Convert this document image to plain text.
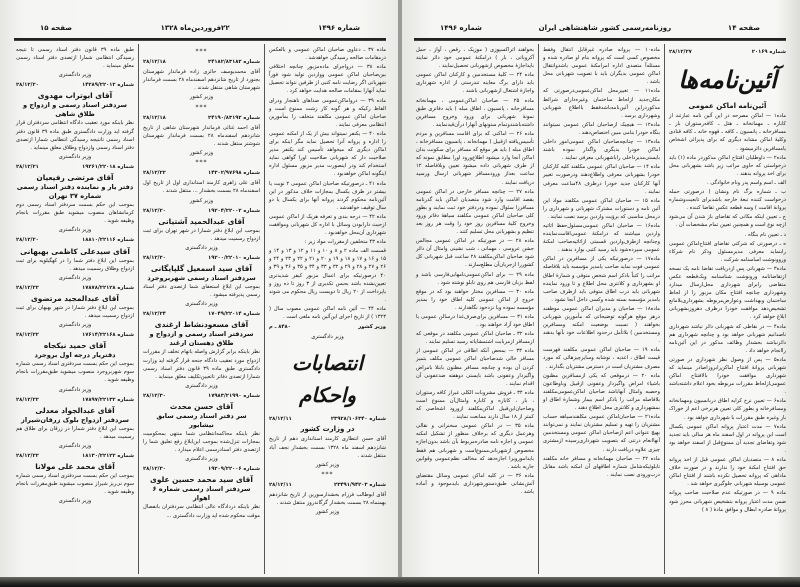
شماره ۱۴۹۶
۲۲فروردین‌ماه ۱۳۲۸
صفحه ۱۵

ماده ۳۷ ـ دعاوی صاحبان اماکن عمومی و بالعکس درمقامات صالحه رسیدگی خواهدشد .

ماده ۳۸ — درواجرای ماده‌مزبور چنانچه اختلافی بین‌صاحبان اماکن عمومی ووارد‌ین تولید شود فوراً شهربانی اگر رضایت نامه کتبی از طرفین نتواند تحصیل نماید آنهارا بمقامات صالحه هدایت خواهد کرد .

ماده ۳۹ — درواماکن‌عمومی صداهای ناهنجار ودرای الفاظ رکیکه و هر گونه‌ کار زشت ممنوع است و صاحبان اماکن عمومی مکلفند متخلف را بمأمورین انتظامی معرفی نمایند .

ماده ۴۰ — یکنفر نمیتواند بیش از یک از امکنه عمومی را اداره و پروانه آنرا تحصیل نماید مگر اینکه برای اماکن دیگری که میخواهد تأسیس کند یکنفر مدیر صلاحیت دار که شهربانی صلاحیت اورا گواهی نماید استخدام کند ودر اینصورت مدیر مزبور مسئول اداره اینگونه اماکن خواهدبود .

ماده ۴۱ ـ درصورتیکه صاحبان اماکن عمومی ۲ نوبت یا بیشتر در ظرف یکسال بمجازات خلاف مذکور در این آئین‌نامه محکوم گردند پروانه آنها برای یکسال یا دو سال توقیف خواهدشد .

ماده ۴۲ — درجه بندی و تعرفه هریک از اماکن عمومی ازحیث دارابودن وسائل با اداره کل شهربانی وموافقت شهرداری آن‌محل خواهدبود .

ماده ۴۳ متخلفین ازمقررات مواد زیر :

قسمت الف ماده ۲ و ۸ و ۱۰ و ۱۱ و ۱۲ و ۱۳ و ۱۴ و ۱۵ و ۱۶ و ۱۷ و ۱۸ و ۱۹ و ۲۰ و ۲۱ و ۲۲ و ۲۳ و ۲۴ و ۲۶ و ۲۷ و ۲۸ و ۲۹ و ۳۲ و ۳۳ و ۳۴ و ۳۵ و ۳۶ و ۳۹ و ۴۰ درصورتیکه برای اعمال مزبور کیفر شدیدتری تعیین‌نشده باشد بحبس تکدیری از ۳ روز تا ده روز و یاپرداخت از ۲۰ ریال تا دویست ریال محکوم می شوند .

ماده ۴۴ — آئین نامه اماکن عمومی مصوب سال ( ۱۳۲۳ ) از تاریخ اجرای این‌آئین نامه ملغی است .

وزیر کشور
۸۴۸۰ ـ م
وزیر دادگستری
انتصابات واحکام
شماره ۲۳۹۲۸/۱۰۶۳۴۰
۲۸/۱۲/۱۱
در وزارت کشور

آقای حسن انتظاری کارمند استانداری دهم از تاریخ شانزدهم اسفند ماه ۱۳۲۸ بسمت بخشدار نجف آباد منتقل شدند .

وزیر کشور
***
شماره ۲۳۴۹۱/۹۴۲۰۳
۲۸/۱۲/۱۱

آقای ابوطالب فرزام بخشدارسورین از تاریخ شانزدهم بهمنماه ۲۸ بسمت بخشدار گرگاندروز منتقل شدند .

وزیر کشور
***
شماره ۲۴۱۸۲/۸۳۱۸۲
۲۸/۱۲/۱۸

آقای محمدیوسف حائری زاده فرماندار شهرستان بجنورد از تاریخ شانزدهم اسفندماه ۲۸ بسمت فرماندار شهرستان شاهی منتقل شدند .

وزیر کشور
***
شماره ۲۴۱۹۰/۸۳۱۹۲
۲۸/۱۲/۱۸

آقای احمد غنائی فرماندار شهرستان شاهی از تاریخ شانزدهم اسفندماه ۲۸ بسمت فرماندار شهرستان شوشتر منتقل شدند .

وزیر کشور
***
شماره ۱۴۳۰۲/۹۷۶۹۸
۲۸/۱۲/۲۲

آقای علی زاهری کارمند استانداری اول از تاریخ اول اسفندماه ۲۸ بسمت بخشدار ... منتقل شدند .

وزیر کشور
شماره ۱۹۲۰۴/۲۲۰۰۲
۲۸/۱۲/۲۰
آقای عبدالحمید آشتیانی

بموجب این ابلاغ دفتر شمارا در شهر تهران برای ثبت ازدواج رسمیت میدهد .

وزیر دادگستری
شماره ۱۹۲۰۰/۲۲۰۱۰
۲۸/۱۲/۲۰
آقای سید اسمعیل گلپایگانی
سردفتر اسناد رسمی شهربروجرد

بموجب این ابلاغ استعفای شما ازتصدی دفتر اسناد رسمی پذیرفته میشود .

وزیر دادگستری
شماره ۱۷۰۴۹/۲۲۰۱۴
۲۸/۱۲/۲۴
آقای مسعودنشاط ارغندی
سردفتر اسناد رسمی و ازدواج و طلاق دهستان ارغند

نظر باینکه برابر گزارش واصله باتهام تخلف از مقررات ازدواج مورد تعقیب دادگاه جنحه قرار گرفته اید وزارت دادگستری طبق ماده ۳۹ قانون دفتر اسناد رسمی شمارا ازتصدی دفاتر تاتعیین‌تکلیف معلق مینماید .

وزیر دادگستری
شماره ۱۷۹۸۳/۲۱۹۹۰
۲۸/۱۲/۳۰
آقای حسن محدث
سر دفتر اسناد رسمی سابق نیشابور

نظر باینکه محاکمه‌انتظامی شما منتهی بمحکومیت بمجازات تنزل‌شده بموجب این‌ابلاغ رفع تعلیق شما را ازتصدی دفتر اسنادرسمی اعلام میدارد .

وزیر دادگستری
شماره ۱۹۲۰۹/۲۲۰۰۶
۲۸/۱۲/۳۰
آقای سید محمد حسین علوی
سردفتر اسناد رسمی شماره ۶ اهواز

نظر باینکه دردادگاه عالی انتظامی سردفتران بانفصال موقت محکوم شده اید وزارت دادگستری ...

طبق ماده ۳۹ قانون دفتر اسناد رسمی تا نتیجه رسیدگی انتظامی شمارا ازتصدی دفتر اسناد رسمی معلق مینماید .

وزیر دادگستری
شماره ۱۴۲۸۹/۲۲۰۱۲
۲۸/۱۲/۲۰
آقای ابوتراب مهدوی
سردفتر اسناد رسمی و ازدواج و طلاق شاهی

نظر باینکه مورد تعقیب دادگاه انتظامی سردفتران قرار گرفته اید وزارت دادگستری طبق ماده ۳۹ قانون دفتر اسناد رسمی تانتیجه رسیدگی انتظامی شمارا ازتصدی دفتر اسناد رسمی وازدواج وطلاق معلق مینماید .

وزیر دادگستری
شماره ۱۹۲۶۱/۲۲۰۱۸
۲۸/۱۲/۲۱
آقای مرتضی رفیعیان
دفتر یار و نماینده دفتر اسناد رسمی شماره ۳۷ تهران

بموجب این حکم بسمت سردفتر اسناد رسمی دوم کرمانشاهان منصوب میشوید طبق مقررات بانجام وظیفه شوید .

وزیر دادگستری
شماره ۱۸۸۱۰/۲۲۱۱۶
۲۸/۱۲/۲۰
آقای سیدعلی کاظمی بهبهانی

بموجب این ابلاغ دفتر شما را در کهگیلویه برای ثبت ازدواج وطلاق رسمیت میدهد .

وزیر دادگستری
شماره ۱۷۸۷۸/۲۲۱۲۸
۲۸/۱۲/۲۲
آقای عبدالمجید مرتضوی

بموجب این ابلاغ دفتر شمارا در شهر بهبهان برای ثبت ازدواج رسمیت میدهد .

وزیر دادگستری
شماره ۱۷۶۱۴/۲۲۱۶۸
۲۸/۱۲/۲۲
آقای حمید نیکجاه
دفتریار درجه اول بروجرد

بموجب این حکم بسمت سردفتری اسناد رسمی شماره سوم شهربروجرد منصوب میشوید طبق‌مقررات بانجام وظیفه شوید .

وزیر دادگستری
شماره ۱۷۸۹۷/۲۲۱۳۲
۲۸/۱۲/۲۲
آقای عبدالجواد معدلی
سردفتر ازدواج بلوک زرقان‌شیراز

بموجب این ابلاغ دفتر شمارا در زرقان برای طلاق هم رسمیت میدهد .

وزیر دادگستری
شماره ۱۸۱۳۰/۲۲۱۲۲
۲۸/۱۲/۲۲
آقای محمد علی مولانا

بموجب این حکم بسمت سردفتری اسناد رسمی شماره سوم نی‌ریز شیراز منصوب میشوید طبق‌مقررات بانجام وظیفه شوید .

وزیر دادگستری
صفحه ۱۴
روزنامه‌رسمی کشور شاهنشاهی ایران
شماره ۱۴۹۶
شماره ۲۰۱۶۹
۲۸/۱۲/۲۷
آئین‌نامه‌ها
آئین‌نامه اماکن عمومی

ماده۱ — اماکن مصرحه در این آئین نامه عبارتند از کاباره ـ مهمانخانه ـ هتل ـ کافه‌رستوران بار ـ مسافرخانه ـ پانسیون ـ کافه ـ قهوه خانه ـ کافه قنادی وکلیهٔ اماکن مشابه دیگری که برای پذیرائی اشخاص یامسافرین دائرمیشود .

ماده۲ — داوطلبان افتتاح اماکن مذکوردر ماده (۱) باید درخواستی که حاوی مراتب زیر باشد بشهربانی محل برای اخذ پروانه بدهند .

الف ـ اسم واسم پدر ونام خانوادگی .

ب ـ شماره برگ نام ونشان ( درصورتی‌ حمله درخواست کننده تبعهٔ خارجه باشدبرای تابعیت‌وشماره پروانهٔ اقامت ) وسه قطعه عکس تقاضا کننده .

ج ـ تعیین اینکه مکانی که تقاضای باز شدن آن می‌شود ازچه نوع است و همچنین تعیین تمام مشخصات آن .

د ـ تعیین نام بنگاه .

ه ـ درصورتی که شرکتی تقاضای افتتاح‌اماکن عمومی رابنماید معرفی مدیرمسئول وذکر نام شرکاء وروونوشت اساسنامه شرکت .

ماده۳ — شهربانی پس ازدریافت تقاضا نامه یک نسخه ازتقاضانامه ورونوشت شناسنامه وبک‌قطعه عکس متقاضی رابرای شهرداری محل‌ارسال میدارد وشهرداری چنانچه افتتاح مکان مزبور را از لحاظ ساختمان وبهداشت وعوارض‌مربوطه بشهرداری‌بلامانع تشخیص‌دهد موافقت خودرا درظرف دهروزبشهربانی ابلاغ خواهد کرد .

ماده۴ — در نقاطی که شهربانی دائر نباشد شهرداری ناصدانیم شهربانی خواهد بود و چنانچه شهرداری هم دائرنباشد بخشدار وظائف مذکور در این آئین‌نامه راانجام خواهد داد .

ماده۵ — پس از وصول نظر شهرداری در صورتی شهربانی پروانهٔ افتتاح اماکن‌رابروزاصادر مینماید که شهرداری موافقت خودرا بالافتتاح اماکن عمومی‌ازلحاظ مقررات مربوطه بخود اعلام داشته‌باشد .

ماده۶ — تعیین نرخ کرایه اطاق دربانسیون ومهمانخانه ومسافرخانه و بطور کلی تعیین هرنرخی اعم از خوراک بار وغیره طبق مقررات با شهرداری خواهد بود .

ماده۷ — مدت اعتبار پروانه اماکن عمومی یکسال است این پروانه در اول اسفند ماه هر سالی باید تجدید شود وتقاضای تجدید آن ممنوع‌قبل از اسفند خواهد بود .

ماده ۸ — متصدیان اماکن عمومی قبل از اخذ پروانه حق افتتاح امکنهٔ خود را ندارند و در صورت خلاف ماداهی که پروانه تحصیل نکرده باشند از افتتاح اماکن عمومی بوسیله شهربانی جلوگیری خواهد شد .

ماده ۹ — در صورتیکه عدم صلاحیت صاحب پروانه ضمن مدت اعتبار پروانه بتشخیص شهربانی محرز شود پروانهٔ صادره ابطال و موافق مادهٔ ( ۸ )

ماده۱۰ — پروانه صادره غیرقابل انتقال وفقط مخصوص کسی است که پروانه بنام او صادره شده و مسئله‌آ متصدی اداره امرامکنهٔ عمومی باشدوانتقال اماکن عمومی بدیگران باید با تصویب شهربانی محل باشد .

ماده۱۱ — تغییرمحل اماکن‌عمومی‌درصورتی که مکان‌جدید ازلحاظ ساختمان وغیره‌دارای شرائط مذکوردراین آئین‌نامه‌باشدفقط بااطلاع شهربانی وشهرداری برسد .

ماده۱۲ — هیچیک ازصاحبان اماکن عمومی نمیتوانند بنگاه خودرا بنامی مبین اختصاص‌دهند .

ماده۱۳ — چنانچه‌صاحبان اماکن عمومی‌امور داخلی اماکن خودرا بدیگری واگذار نموده باشند بایستی‌مدیرداخلی راباشهربانی معرفی نمایند .

ماده ۱۴ — صاحبان اماکن عمومی مکلفند کلیه کارکنان خودرا بشهربانی معرفی واطلاع‌دهند ودرصورت تغییر آنها کارکنان جدید خودرا درظرف ۴۸ساعت معرفی نمایند .

ماده ۱۵ — صاحبان اماکن عمومی مکلفند مواد این آئین نامه و دستورات مشترک شهربانی و شهرداری را درمحل مناسبی که برؤیت واردین برسد نصب نمایند .

ماده۱۶ — صاحبان اماکن عمومی‌مسئول‌حفظ اثاثیه واردین میباشند که درامکنهٔ عمومی‌اقامت‌نماینده وچنانچه ازطرف‌واردین قسمتی ازاثاثیه‌صاحب امکنهٔ عمومی سپرده‌شود باید رسید کتبی بوارد بدهند .

ماده۱۷ — درصورتیکه یکی از مسافرین در اماکن عمومی فوت نماید صاحب یامدیر مؤسسه باید بلافاصله مراتب را کتباً باذکر اسم شخص متوفی و شمارهٔ اطاق او بشهرداری و کلانتری محل اطلاع و تا ورود نماینده شهربانی باید درب اطاق متوفی باید ازطرف صاحب یامدیر مؤسسه بسته شده وکسی داخل آنجا نشود .

ماده۱۸ — صاحبان و مدیران اماکن عمومی موظفند درهر موقع هرگونه توضیحاتی که مأمورین شهربانی بخواهند ( نسبت بوضعیت امکنه ومسافرین ومستخدمین ) بلاتأمل درحدود اطلاعات خود بآنها بدهند .

ماده ۱۹ — صاحبان اماکن عمومی مکلفند فهرست قیمت اطاق ، اغذیه ، نوشابه وسایرچیزهائی که مورد مصرف مشتریان است در دسترس مشتریان بگذارند .

ماده ۲۰ — درموقعی که یکی ازمسافرین مظنون باشیاء امراض واگیردار وعفونی ازقبیل وباوطاعون وحصبه وامثال آنهاباشد صاحبان اماکن‌عمومی‌مکلفند بلافاصله مراتب را باذکر اسم بیمار وشمارهٔ اطاق او بمشهرداری و کلانتری محل اطلاع دهند .

ماده۲۱ — صاحبان‌اماکن عمومی مکلفندسیاهه حساب مشتریان را تهیه و تسلیم مشتریان نمایند و نمی‌توانند بهیچ عنوانی اعم ازصاحبان اماکن عمومی ومستخدمین آنهاانعام‌ درتنی که بتصویب شهرداری‌رسیده ازمشتری چیزی علاوه دریافت دارند .

ماده ۲۲ — صاحبان مهمانخانه و مسافر خانه مکلفند تابلوئیکه‌شامل شماره اطاقهای آن امکنه باشد مقابل درب‌ورودی نصب نمایند .

بخواهند اثراکسپوزی ( موزیک ، رقص ، آواز ، حمل آکروباتی ، بار ) درامکنهٔ عمومی خود دائر نمایند بایداجازهٔ مخصوص ازشهربانی تحصیل‌نمایند .

ماده ۲۴ — کلیهٔ مستخدمین و کارکنان اماکن عمومی باید دارای برگ معاینه تندرستی از اداره شهرداری واجازهٔ اشتغال ازشهربانی باشند .

ماده ۲۵ — صاحبان اماکن‌عمومی ، مهمانخانه مسافرخانه ، پانسیون ، اطاق مبله ) باید دفاتری طبق نمونهٔ شهربانی برای ورود وخروج مسافرین داشته‌باشندوتمام ستونهای آنهارا درآن‌قیدنمایند .

ماده ۲۶ — اماکنی که برای اقامت مسافرین و مردم تأسیس‌یافته ازقبیل ( مهمانخانه ، پانسیون مسافرخانه ، اطاق مبله ) باید هر موقع که مسافر برای سکونت بدان اماکن آنجا وارد میشود اطلاع‌ورود اورا مطابق نمونه که از طرف شهربانی داده میشود تعیین وبلافاصله ۱۲ ساعت بعداز ورودمسافر شهربانی ارسال ورسید دریافت نمایند .

ماده ۲۷ — چنانچه مسافر خارجی در اماکن عمومی بقصد اقامت وارد شود متصدیان اماکن باید گذرنامه مسافرزا سئوال نموده ودردفتر خود ثبت نمایند و بطور کلی صاحبان اماکن عمومی مکلفند سیاههٔ دفاتر ورود وخروج کلیهٔ مسافرین روز خود را وقت هر روز بعد تنظیم و بشهربانی محل تسلیم کنند .

ماده ۲۸ — در صورتیکه در اماکن عمومی مجالس جشن عروسی ، مهمانی ، شب نشینی وامثال آن دائر شود صاحبان اماکن‌مکلفند ۲۸ ساعت قبل شهربانی کل کشوررا ازجریان‌آن مطلع‌سازند .

ماده ۲۹ — برای اماکن‌عمومی‌نامهایی‌فارسی باشد و لفظ بزبان فارسی هم روی تابلو نوشته شود .

ماده ۳۰ — مسافرین مختار خواهند بود که در موقع خروج از اماکن عمومی کلیه اطاق خود را بمدیر مؤسسه نموده ویا نزدخود نگاهدارند .

ماده ۳۱ — مسافرین برای‌صرف‌غذا درسالن عمومی یا اطاق خود آزاد خواهند بود .

ماده ۳۲ ـ صاحبان اماکن عمومی مکلفند در موقعی که ازمسافر ازمربابت اشتمشایاته رسید تسلیم نمایند .

ماده ۳۳ — بمحض آنکه اطاقی در اماکن عمومی از مسافر خالی شد‌صاحبان اماکن عمومی مکلف بتمیز کردن آن بوده و چنانچه مسافر مظنون بابتلا بامراض واگیردار وعفونی باشد بایستی دوهفته ضدعفونی آن اقدام نمایند .

ماده ۳۴ ـ فروش مشروبات الکلی غیراز کافه رستوران ، بار ، کاباره و کاباره وامثال‌آن ممنوع است وصاحبان‌این‌قبیل اماکن‌مکلفند ازورود اشخاصی که کمتر از ۱۸ سال دارند ممانعت نمایند .

ماده ۳۵ — در اماکن عمومی سخنرانی و نقالی وهرعمل دیگری که برخلاف منظور از تشکیل امکنه عمومی و اجازه نامه صادره‌مربوط بآن باشد بدون‌اجازه مخصوص ازشهربانی‌ممنوع‌است و شهربانی هم فقط بایدامورویرا اجازه‌دهد که مخالف نظم‌عمومی وقوانین جاریه باشد .

ماده ۳۶ — در کلیه اماکن عمومی وسائل مقتضای آتش‌نشانی طبق‌دستورشهرداری بایدموجود و آماده باشد .
